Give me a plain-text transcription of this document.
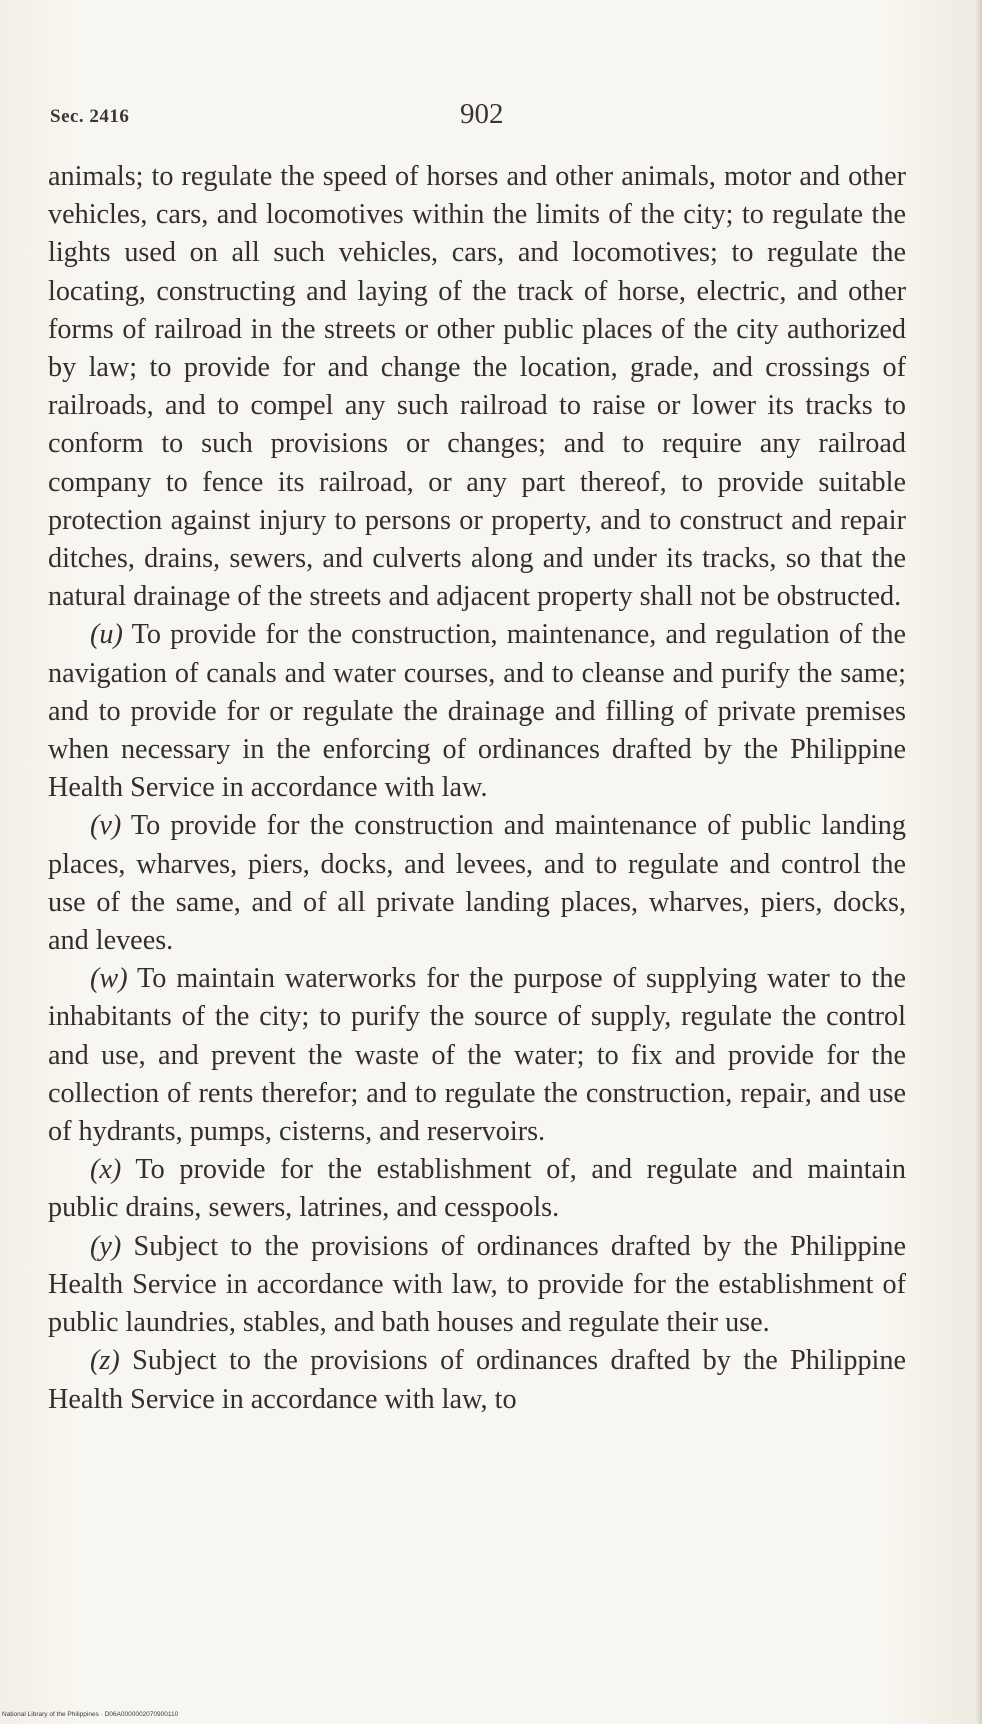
Sec. 2416	902

animals; to regulate the speed of horses and other animals, motor and other vehicles, cars, and locomotives within the limits of the city; to regulate the lights used on all such vehicles, cars, and locomotives; to regulate the locating, constructing and laying of the track of horse, electric, and other forms of railroad in the streets or other public places of the city authorized by law; to provide for and change the location, grade, and crossings of railroads, and to compel any such railroad to raise or lower its tracks to conform to such provisions or changes; and to require any railroad company to fence its railroad, or any part thereof, to provide suitable protection against injury to persons or property, and to construct and repair ditches, drains, sewers, and culverts along and under its tracks, so that the natural drainage of the streets and adjacent property shall not be obstructed.

(u) To provide for the construction, maintenance, and regulation of the navigation of canals and water courses, and to cleanse and purify the same; and to provide for or regulate the drainage and filling of private premises when necessary in the enforcing of ordinances drafted by the Philippine Health Service in accordance with law.

(v) To provide for the construction and maintenance of public landing places, wharves, piers, docks, and levees, and to regulate and control the use of the same, and of all private landing places, wharves, piers, docks, and levees.

(w) To maintain waterworks for the purpose of supplying water to the inhabitants of the city; to purify the source of supply, regulate the control and use, and prevent the waste of the water; to fix and provide for the collection of rents therefor; and to regulate the construction, repair, and use of hydrants, pumps, cisterns, and reservoirs.

(x) To provide for the establishment of, and regulate and maintain public drains, sewers, latrines, and cesspools.

(y) Subject to the provisions of ordinances drafted by the Philippine Health Service in accordance with law, to provide for the establishment of public laundries, stables, and bath houses and regulate their use.

(z) Subject to the provisions of ordinances drafted by the Philippine Health Service in accordance with law, to

National Library of the Philippines · D06A0000002070900110
